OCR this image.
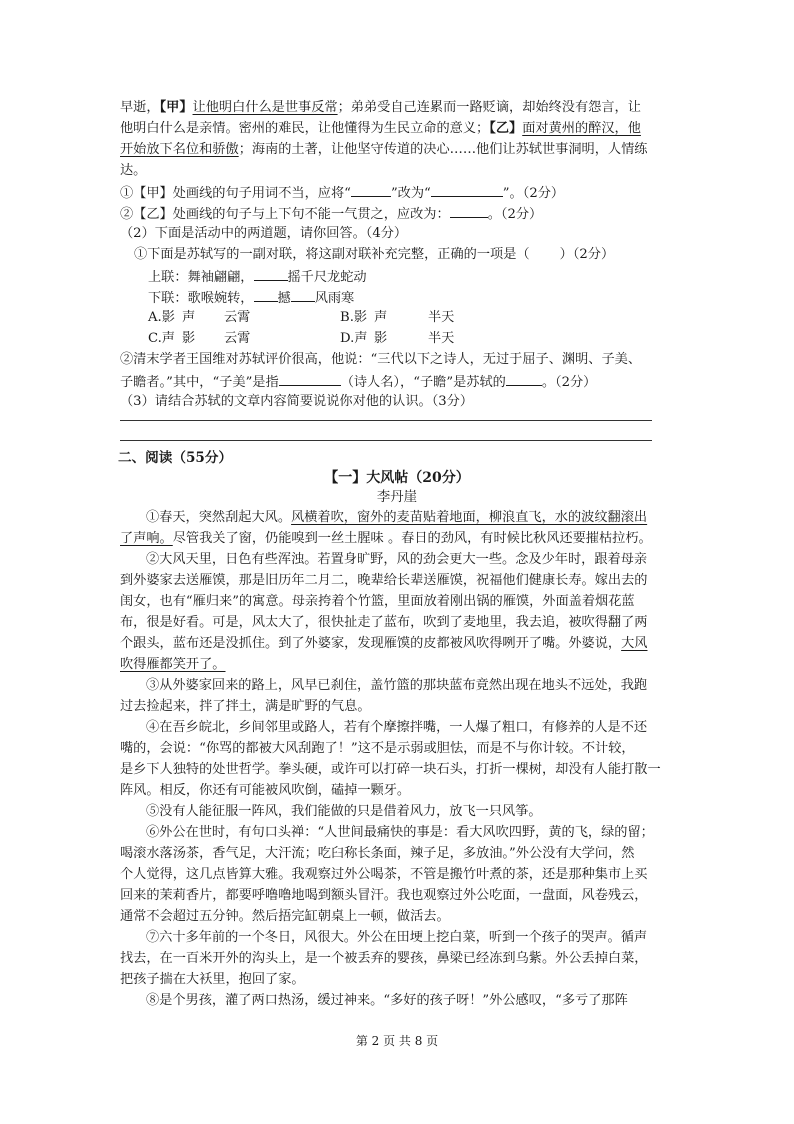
早逝，【甲】让他明白什么是世事反常；弟弟受自己连累而一路贬谪，却始终没有怨言，让
他明白什么是亲情。密州的难民，让他懂得为生民立命的意义；【乙】面对黄州的醉汉，他
开始放下名位和骄傲；海南的土著，让他坚守传道的决心……他们让苏轼世事洞明，人情练
达。
①【甲】处画线的句子用词不当，应将“	”改为“	”。（2分）
②【乙】处画线的句子与上下句不能一气贯之，应改为：	。（2分）
（2）下面是活动中的两道题，请你回答。（4分）
①下面是苏轼写的一副对联，将这副对联补充完整，正确的一项是（ ）（2分）
上联：舞袖翩翩，	摇千尺龙蛇动
下联：歌喉婉转， 撼 风雨寒
A.影 声 云霄	B.影 声	半天
C.声 影 云霄	D.声 影	半天
②清末学者王国维对苏轼评价很高，他说：“三代以下之诗人，无过于屈子、渊明、子美、
子瞻者。”其中，“子美”是指	（诗人名），“子瞻”是苏轼的	。（2分）
（3）请结合苏轼的文章内容简要说说你对他的认识。（3分）
二、阅读（55分）
【一】大风帖（20分）
李丹崖
①春天，突然刮起大风。风横着吹，窗外的麦苗贴着地面，柳浪直飞，水的波纹翻滚出
了声响。尽管我关了窗，仍能嗅到一丝土腥味 。春日的劲风，有时候比秋风还要摧枯拉朽。
②大风天里，日色有些浑浊。若置身旷野，风的劲会更大一些。念及少年时，跟着母亲
到外婆家去送雁馍，那是旧历年二月二，晚辈给长辈送雁馍，祝福他们健康长寿。嫁出去的
闺女，也有“雁归来”的寓意。母亲挎着个竹篮，里面放着刚出锅的雁馍，外面盖着烟花蓝
布，很是好看。可是，风太大了，很快扯走了蓝布，吹到了麦地里，我去追，被吹得翻了两
个跟头，蓝布还是没抓住。到了外婆家，发现雁馍的皮都被风吹得咧开了嘴。外婆说，大风
吹得雁都笑开了。
③从外婆家回来的路上，风早已刹住，盖竹篮的那块蓝布竟然出现在地头不远处，我跑
过去捡起来，拌了拌土，满是旷野的气息。
④在吾乡皖北，乡间邻里或路人，若有个摩擦拌嘴，一人爆了粗口，有修养的人是不还
嘴的，会说：“你骂的都被大风刮跑了！”这不是示弱或胆怯，而是不与你计较。不计较，
是乡下人独特的处世哲学。拳头硬，或许可以打碎一块石头，打折一棵树，却没有人能打散一
阵风。相反，你还有可能被风吹倒，磕掉一颗牙。
⑤没有人能征服一阵风，我们能做的只是借着风力，放飞一只风筝。
⑥外公在世时，有句口头禅：“人世间最痛快的事是：看大风吹四野，黄的飞，绿的留；
喝滚水落汤茶，香气足，大汗流；吃臼称长条面，辣子足，多放油。”外公没有大学问，然
个人觉得，这几点皆算大雅。我观察过外公喝茶，不管是搬竹叶煮的茶，还是那种集市上买
回来的茉莉香片，都要呼噜噜地喝到额头冒汗。我也观察过外公吃面，一盘面，风卷残云，
通常不会超过五分钟。然后捂完缸朝桌上一顿，做活去。
⑦六十多年前的一个冬日，风很大。外公在田埂上挖白菜，听到一个孩子的哭声。循声
找去，在一百米开外的沟头上，是一个被丢弃的婴孩，鼻梁已经冻到乌紫。外公丢掉白菜，
把孩子揣在大袄里，抱回了家。
⑧是个男孩，灌了两口热汤，缓过神来。“多好的孩子呀！”外公感叹，“多亏了那阵
第 2 页 共 8 页
